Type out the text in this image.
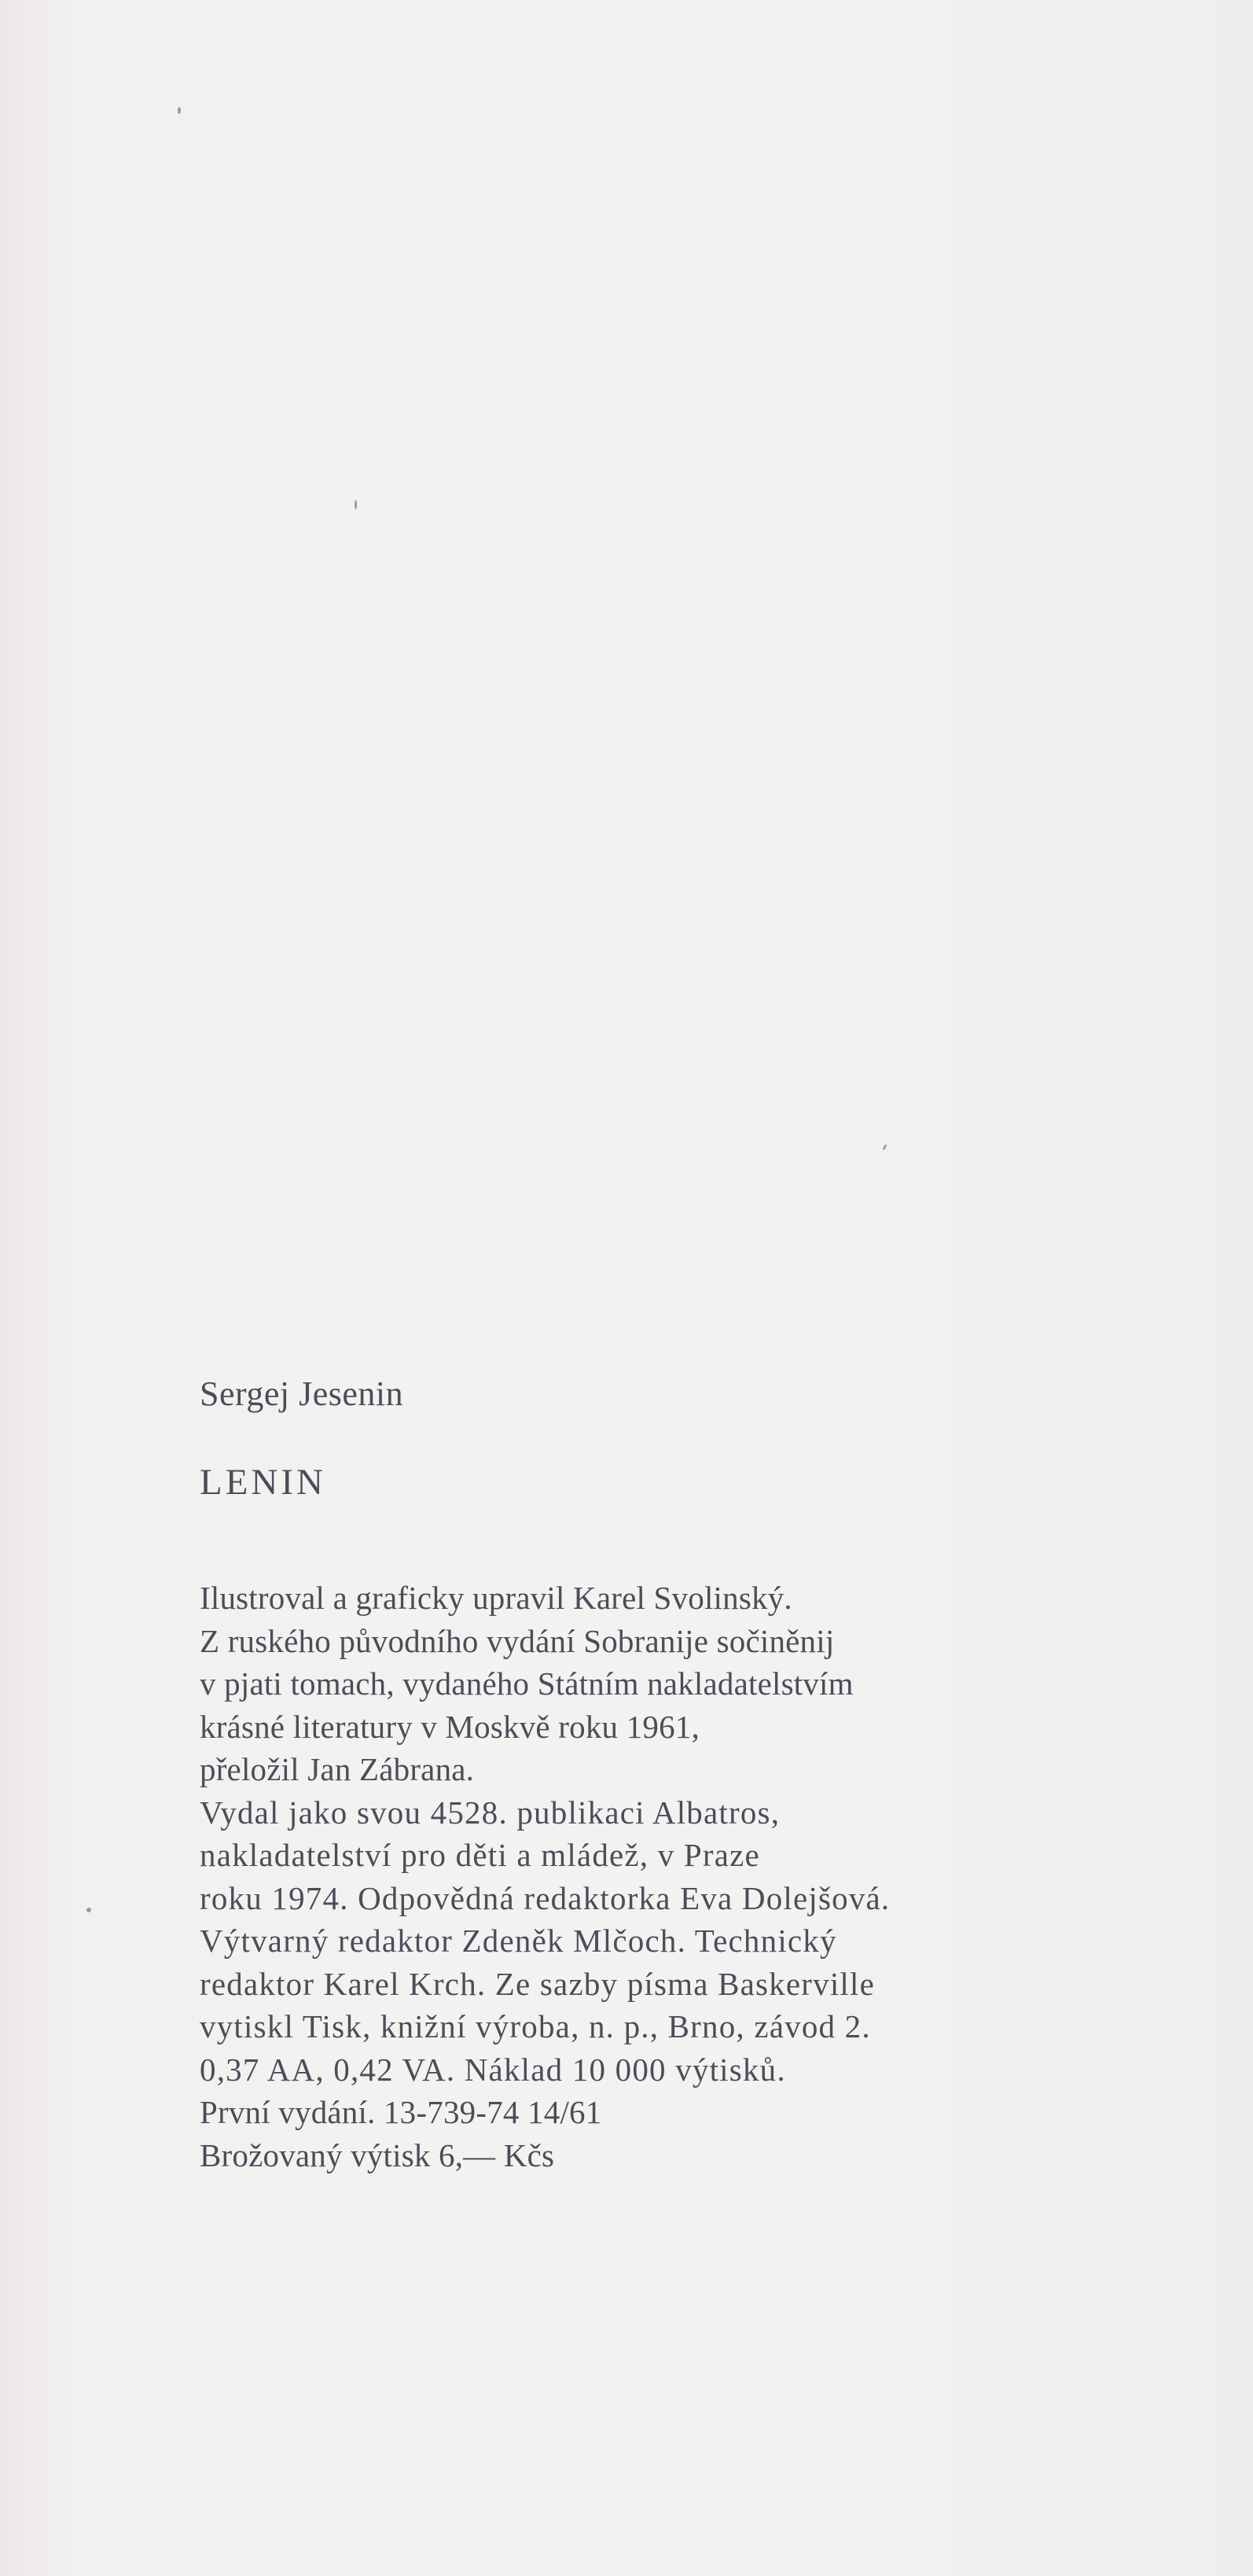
Sergej Jesenin

LENIN

Ilustroval a graficky upravil Karel Svolinský.
Z ruského původního vydání Sobranije sočiněnij
v pjati tomach, vydaného Státním nakladatelstvím
krásné literatury v Moskvě roku 1961,
přeložil Jan Zábrana.
Vydal jako svou 4528. publikaci Albatros,
nakladatelství pro děti a mládež, v Praze
roku 1974. Odpovědná redaktorka Eva Dolejšová.
Výtvarný redaktor Zdeněk Mlčoch. Technický
redaktor Karel Krch. Ze sazby písma Baskerville
vytiskl Tisk, knižní výroba, n. p., Brno, závod 2.
0,37 AA, 0,42 VA. Náklad 10 000 výtisků.
První vydání. 13-739-74 14/61
Brožovaný výtisk 6,— Kčs
